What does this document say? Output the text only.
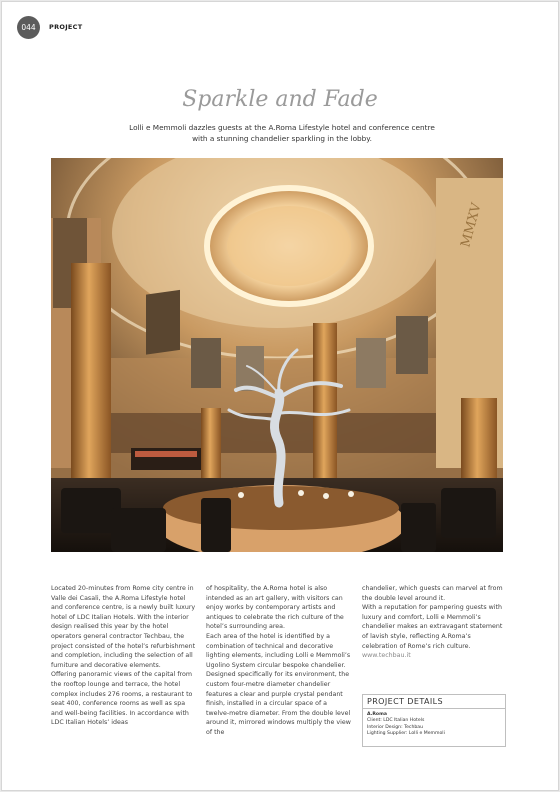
044	PROJECT
Sparkle and Fade
Lolli e Memmoli dazzles guests at the A.Roma Lifestyle hotel and conference centre with a stunning chandelier sparkling in the lobby.
MMXV

Located 20-minutes from Rome city centre in Valle dei Casali, the A.Roma Lifestyle hotel and conference centre, is a newly built luxury hotel of LDC Italian Hotels. With the interior design realised this year by the hotel operators general contractor Techbau, the project consisted of the hotel’s refurbishment and completion, including the selection of all furniture and decorative elements.

Offering panoramic views of the capital from the rooftop lounge and terrace, the hotel complex includes 276 rooms, a restaurant to seat 400, conference rooms as well as spa and well-being facilities. In accordance with LDC Italian Hotels’ ideas

of hospitality, the A.Roma hotel is also intended as an art gallery, with visitors can enjoy works by contemporary artists and antiques to celebrate the rich culture of the hotel’s surrounding area.

Each area of the hotel is identified by a combination of technical and decorative lighting elements, including Lolli e Memmoli’s Ugolino System circular bespoke chandelier. Designed specifically for its environment, the custom four-metre diameter chandelier features a clear and purple crystal pendant finish, installed in a circular space of a twelve-metre diameter. From the double level around it, mirrored windows multiply the view of the

chandelier, which guests can marvel at from the double level around it.

With a reputation for pampering guests with luxury and comfort, Lolli e Memmoli’s chandelier makes an extravagant statement of lavish style, reflecting A.Roma’s celebration of Rome’s rich culture.

www.techbau.it

PROJECT DETAILS
A.Roma
Client: LDC Italian Hotels
Interior Design: Techbau
Lighting Supplier: Lolli e Memmoli
